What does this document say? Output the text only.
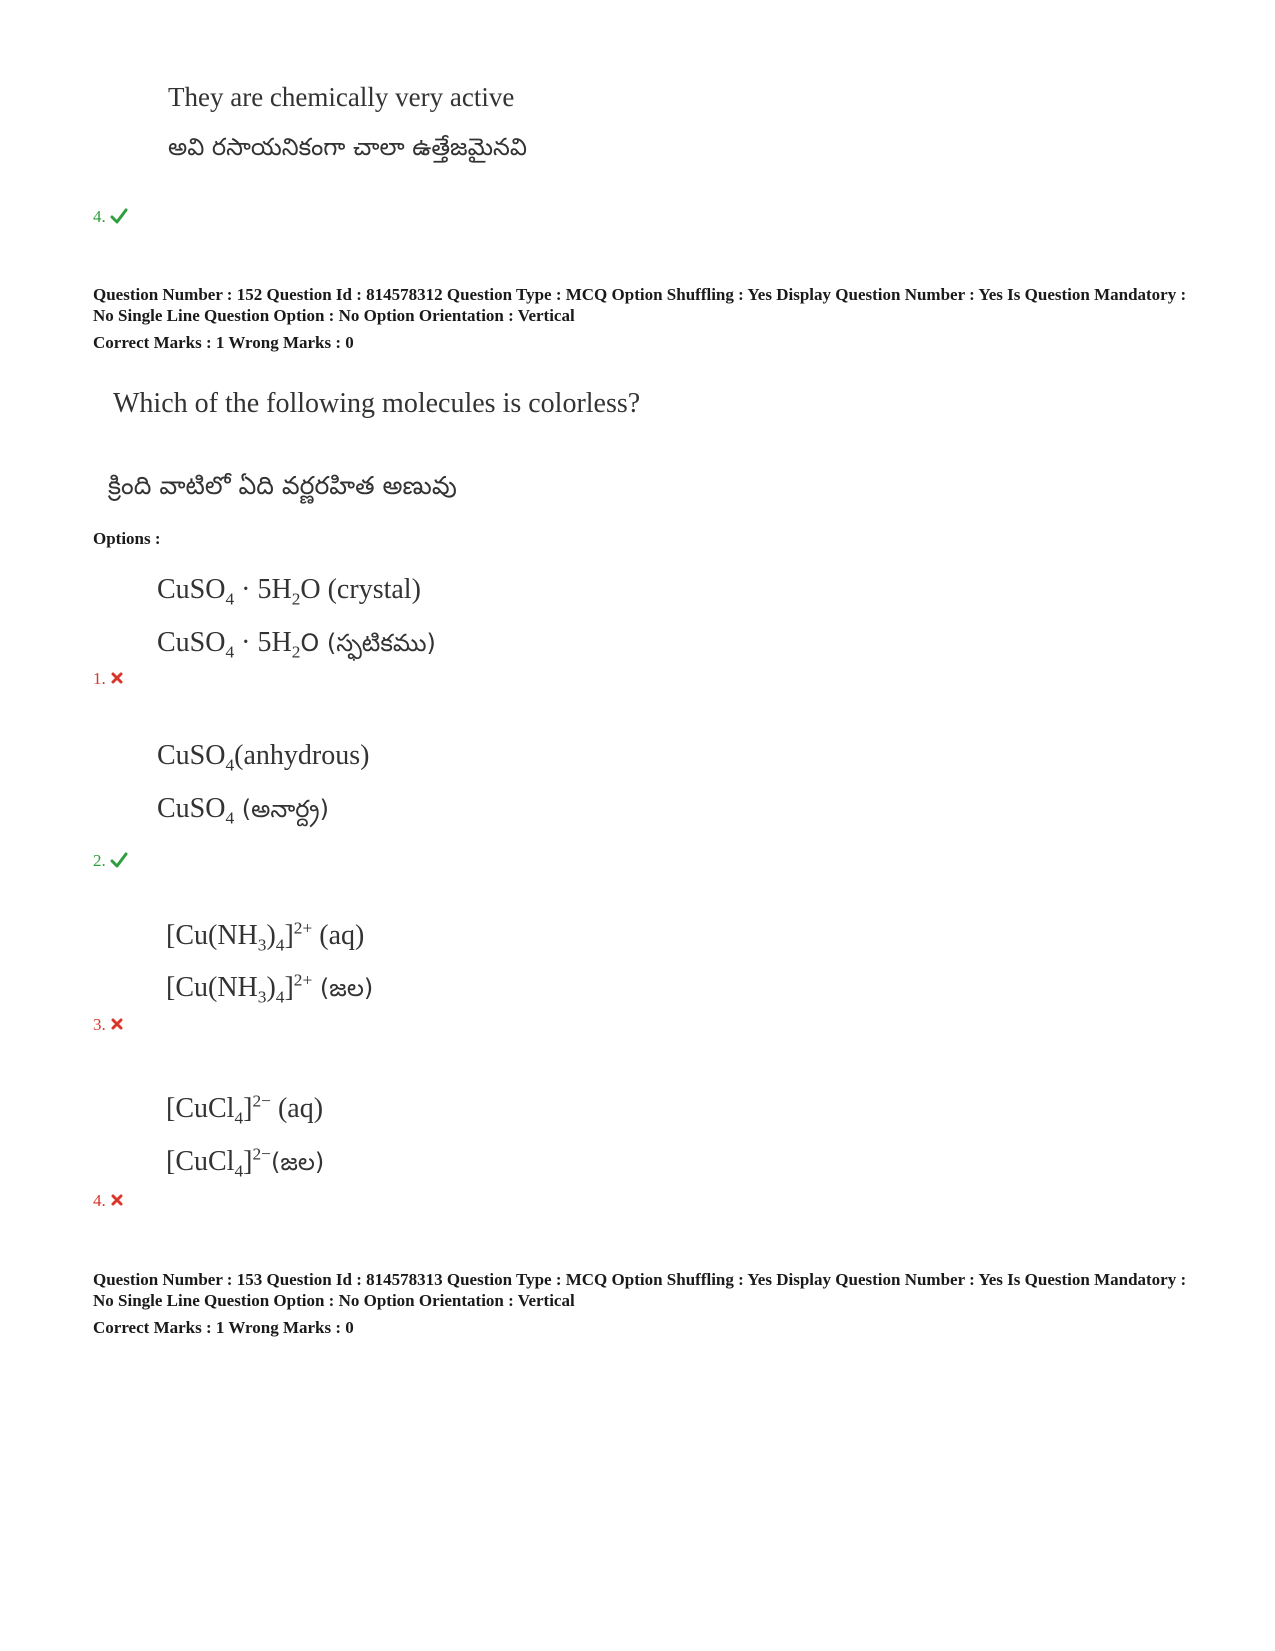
They are chemically very active
అవి రసాయనికంగా చాలా ఉత్తేజమైనవి
4.
Question Number : 152 Question Id : 814578312 Question Type : MCQ Option Shuffling : Yes Display Question Number : Yes Is Question Mandatory : No Single Line Question Option : No Option Orientation : Vertical
Correct Marks : 1 Wrong Marks : 0
Which of the following molecules is colorless?
క్రింది వాటిలో ఏది వర్ణరహిత అణువు
Options :
CuSO$_4$ · $5H_2O$ (crystal)
CuSO$_4$ · $5H_2O$ (స్ఫటికము)
1.
CuSO$_4$(anhydrous)
CuSO$_4$ (అనార్ద్ర)
2.
$[Cu(NH_3)_4]^{2+}$ (aq)
$[Cu(NH_3)_4]^{2+}$ (జల)
3.
[CuCl$_4$]$^{2-}$ (aq)
[CuCl$_4$]$^{2-}$(జల)
4.
Question Number : 153 Question Id : 814578313 Question Type : MCQ Option Shuffling : Yes Display Question Number : Yes Is Question Mandatory : No Single Line Question Option : No Option Orientation : Vertical
Correct Marks : 1 Wrong Marks : 0
